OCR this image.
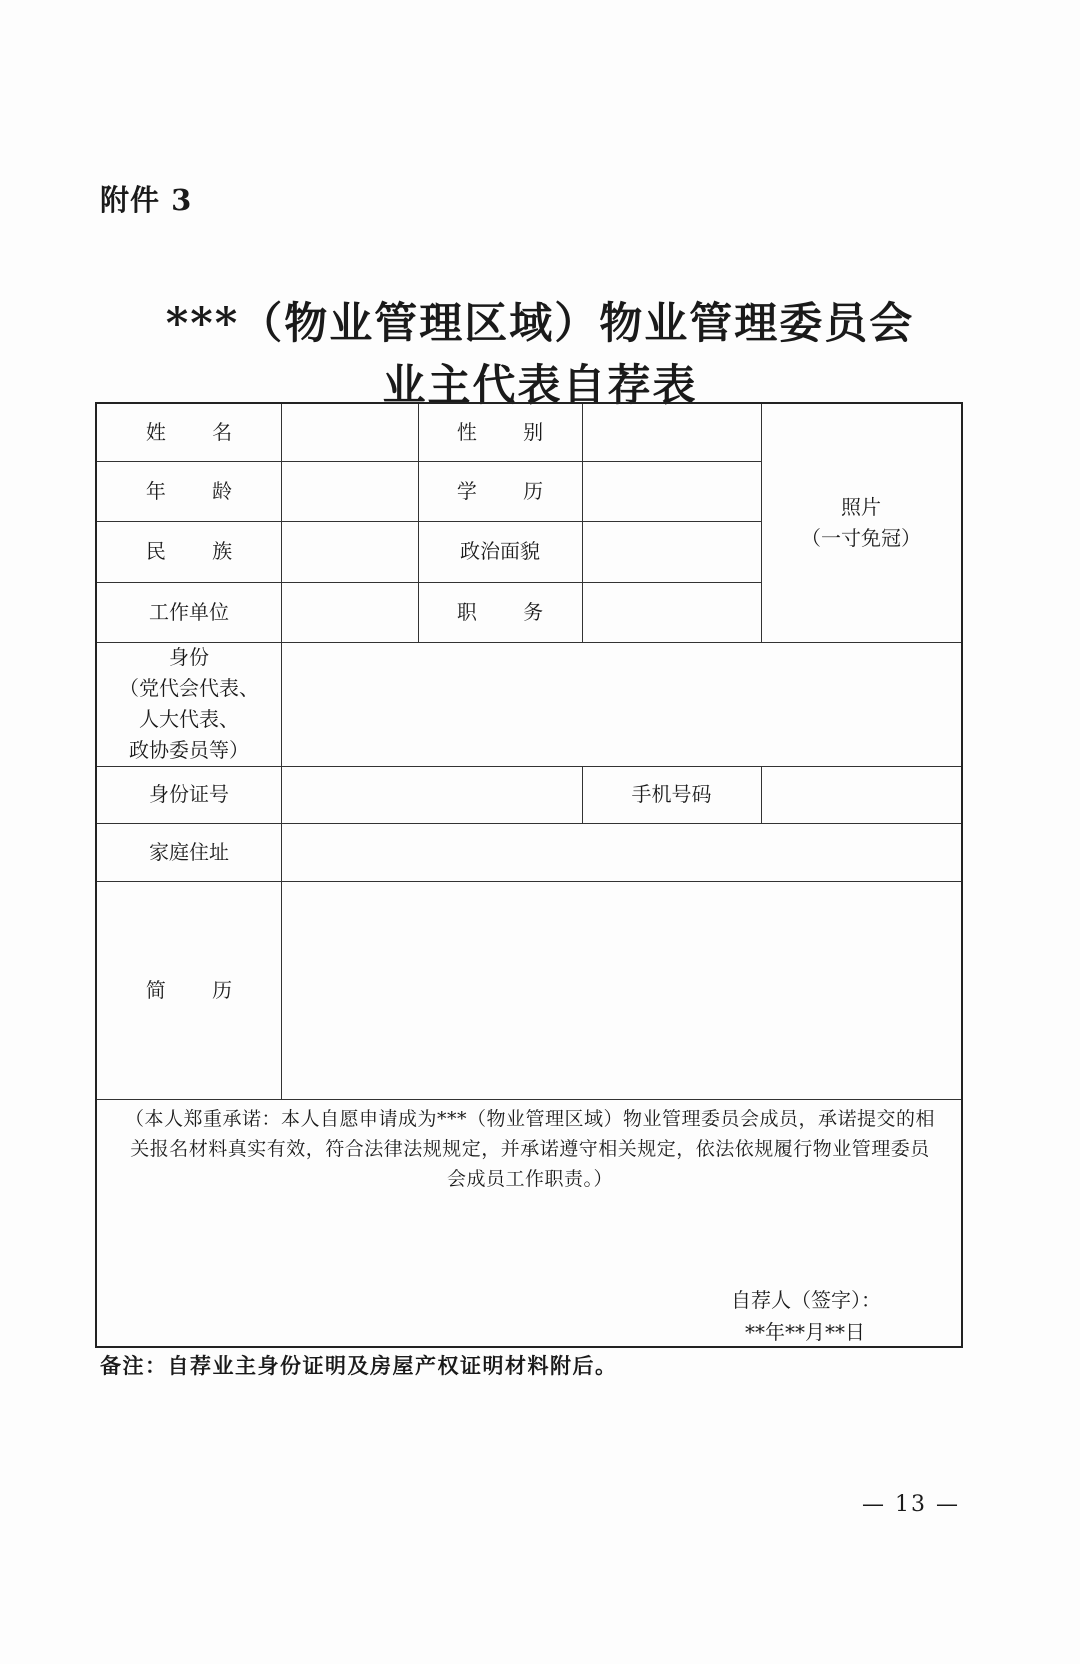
附件 3
***（物业管理区域）物业管理委员会
业主代表自荐表
姓 名	性 别
年 龄	学 历
民 族	政治面貌
工作单位	职 务
照片
（一寸免冠）
身份
（党代会代表、
人大代表、
政协委员等）
身份证号	手机号码
家庭住址
简 历
（本人郑重承诺：本人自愿申请成为***（物业管理区域）物业管理委员会成员，承诺提交的相
关报名材料真实有效，符合法律法规规定，并承诺遵守相关规定，依法依规履行物业管理委员
会成员工作职责。）
自荐人（签字）：
**年**月**日
备注：自荐业主身份证明及房屋产权证明材料附后。
— 13 —
